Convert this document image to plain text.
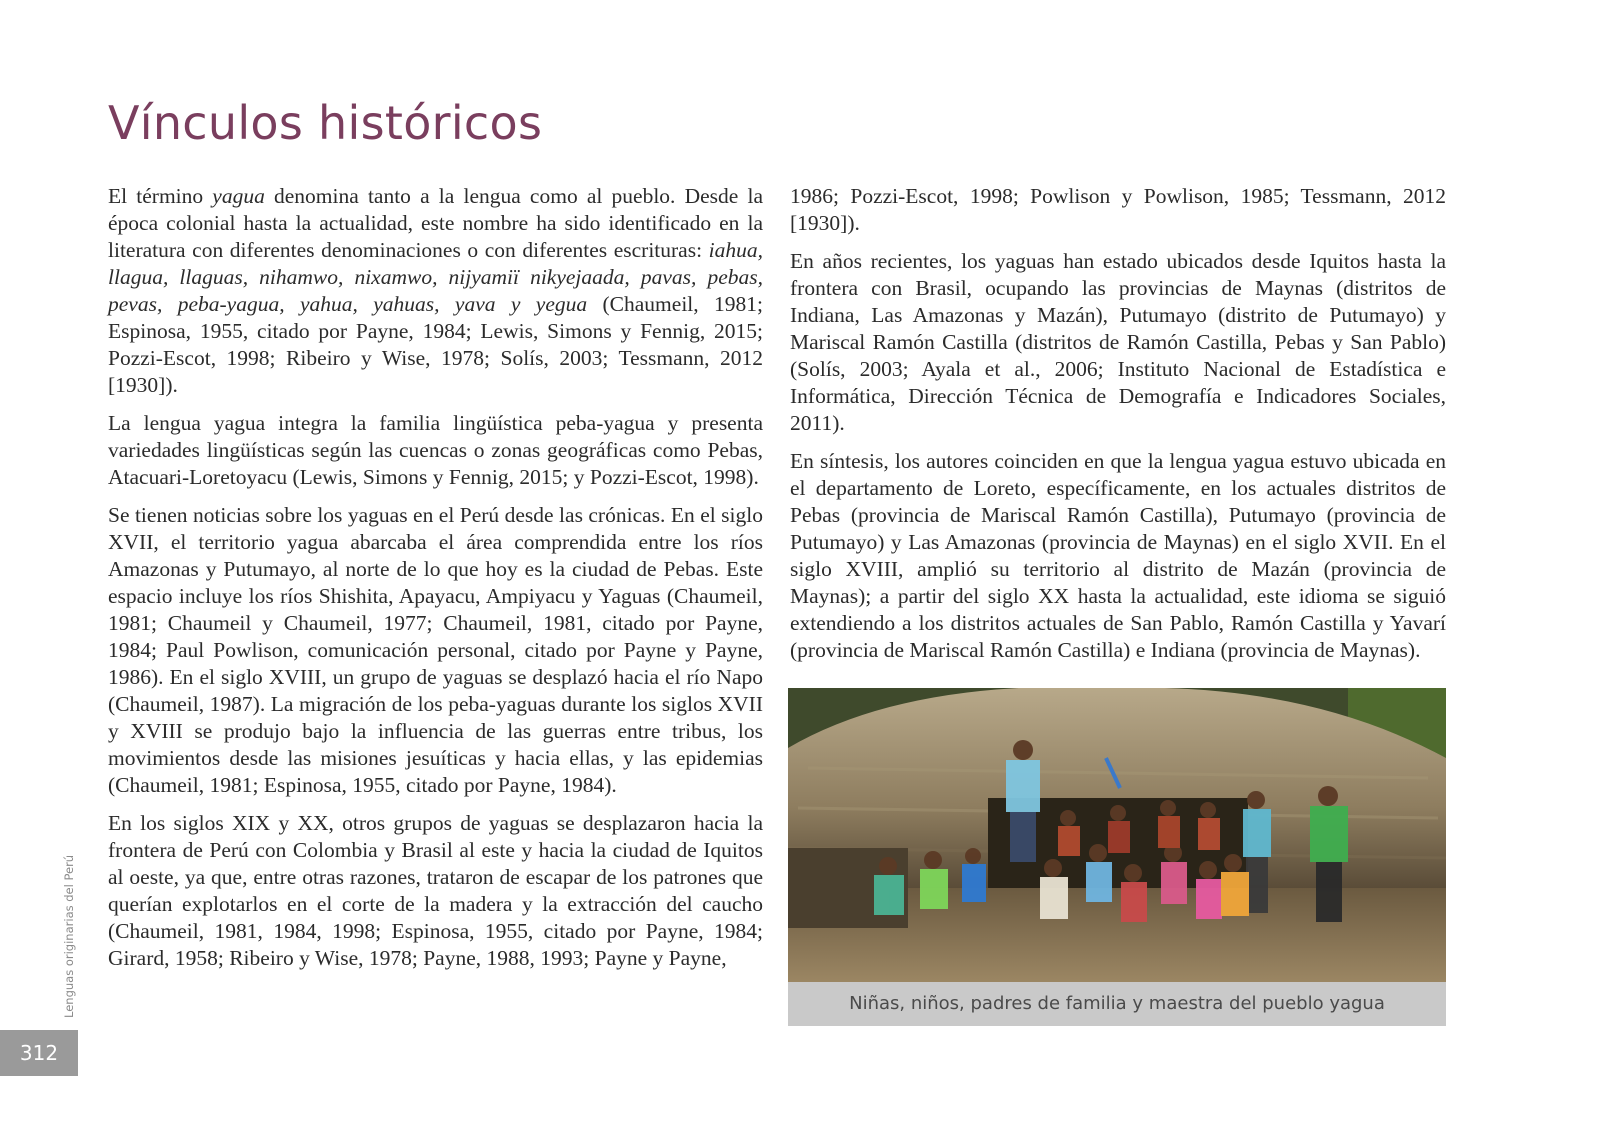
Vínculos históricos

El término yagua denomina tanto a la lengua como al pueblo. Desde la época colonial hasta la actualidad, este nombre ha sido identificado en la literatura con diferentes denominaciones o con diferentes escrituras: iahua, llagua, llaguas, nihamwo, nixamwo, nijyamiï nikyejaada, pavas, pebas, pevas, peba-yagua, yahua, yahuas, yava y yegua (Chaumeil, 1981; Espinosa, 1955, citado por Payne, 1984; Lewis, Simons y Fennig, 2015; Pozzi-Escot, 1998; Ribeiro y Wise, 1978; Solís, 2003; Tessmann, 2012 [1930]).

La lengua yagua integra la familia lingüística peba-yagua y presenta variedades lingüísticas según las cuencas o zonas geográficas como Pebas, Atacuari-Loretoyacu (Lewis, Simons y Fennig, 2015; y Pozzi-Escot, 1998).

Se tienen noticias sobre los yaguas en el Perú desde las crónicas. En el siglo XVII, el territorio yagua abarcaba el área comprendida entre los ríos Amazonas y Putumayo, al norte de lo que hoy es la ciudad de Pebas. Este espacio incluye los ríos Shishita, Apayacu, Ampiyacu y Yaguas (Chaumeil, 1981; Chaumeil y Chaumeil, 1977; Chaumeil, 1981, citado por Payne, 1984; Paul Powlison, comunicación personal, citado por Payne y Payne, 1986). En el siglo XVIII, un grupo de yaguas se desplazó hacia el río Napo (Chaumeil, 1987). La migración de los peba-yaguas durante los siglos XVII y XVIII se produjo bajo la influencia de las guerras entre tribus, los movimientos desde las misiones jesuíticas y hacia ellas, y las epidemias (Chaumeil, 1981; Espinosa, 1955, citado por Payne, 1984).

En los siglos XIX y XX, otros grupos de yaguas se desplazaron hacia la frontera de Perú con Colombia y Brasil al este y hacia la ciudad de Iquitos al oeste, ya que, entre otras razones, trataron de escapar de los patrones que querían explotarlos en el corte de la madera y la extracción del caucho (Chaumeil, 1981, 1984, 1998; Espinosa, 1955, citado por Payne, 1984; Girard, 1958; Ribeiro y Wise, 1978; Payne, 1988, 1993; Payne y Payne,

1986; Pozzi-Escot, 1998; Powlison y Powlison, 1985; Tessmann, 2012 [1930]).

En años recientes, los yaguas han estado ubicados desde Iquitos hasta la frontera con Brasil, ocupando las provincias de Maynas (distritos de Indiana, Las Amazonas y Mazán), Putumayo (distrito de Putumayo) y Mariscal Ramón Castilla (distritos de Ramón Castilla, Pebas y San Pablo) (Solís, 2003; Ayala et al., 2006; Instituto Nacional de Estadística e Informática, Dirección Técnica de Demografía e Indicadores Sociales, 2011).

En síntesis, los autores coinciden en que la lengua yagua estuvo ubicada en el departamento de Loreto, específicamente, en los actuales distritos de Pebas (provincia de Mariscal Ramón Castilla), Putumayo (provincia de Putumayo) y Las Amazonas (provincia de Maynas) en el siglo XVII. En el siglo XVIII, amplió su territorio al distrito de Mazán (provincia de Maynas); a partir del siglo XX hasta la actualidad, este idioma se siguió extendiendo a los distritos actuales de San Pablo, Ramón Castilla y Yavarí (provincia de Mariscal Ramón Castilla) e Indiana (provincia de Maynas).

Niñas, niños, padres de familia y maestra del pueblo yagua
Lenguas originarias del Perú
312
